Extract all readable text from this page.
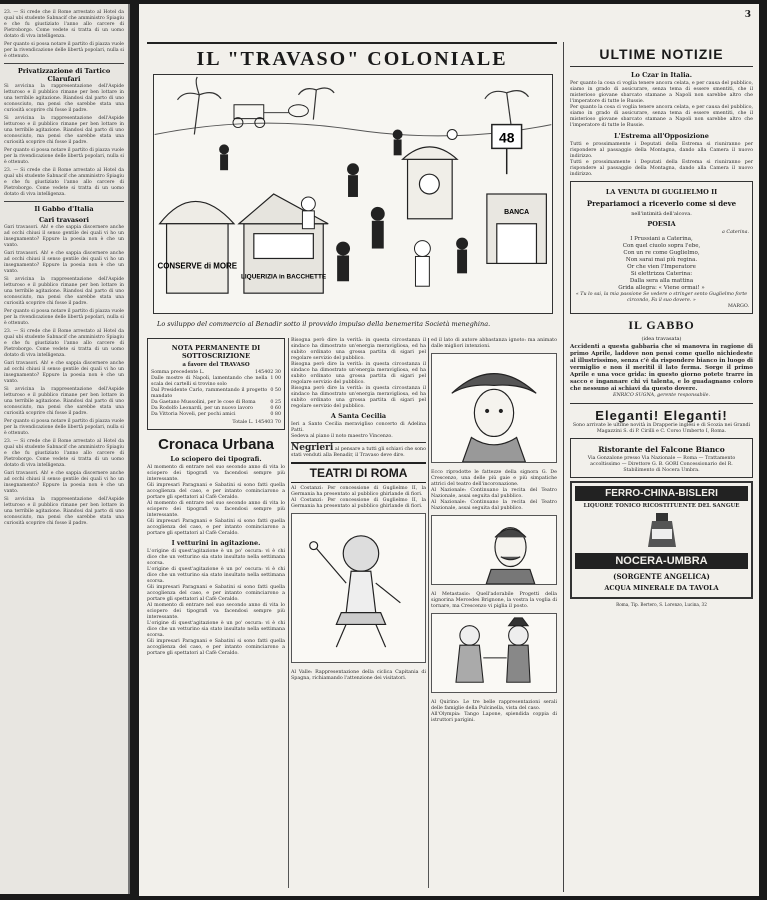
23. — Si crede che il Rome arrestato al Hotel da qual ubi studente Sabnacif che amministro Spiagiu e che fu giustiziato l'anno allo carcere di Pietroborgo. Come vedete si tratta di un uomo dotato di viva intelligenza.

Per quanto si possa notare il partito di piazza vuole per la rivendicazione delle libertà popolari, nulla si è ottenuto.

Privatizzazione di Tartico Clarufari

Si avvicina la rappresentazione dell'Aspide letturoso e il pubblico rimane per ben lottare in una terribile agitazione. Riandosi dal parto di uno sconosciuto, ma pensi che sarebbe stata una curiosità scoprire chi fosse il padre.

Si avvicina la rappresentazione dell'Aspide letturoso e il pubblico rimane per ben lottare in una terribile agitazione. Riandosi dal parto di uno sconosciuto, ma pensi che sarebbe stata una curiosità scoprire chi fosse il padre.

Per quanto si possa notare il partito di piazza vuole per la rivendicazione delle libertà popolari, nulla si è ottenuto.

23. — Si crede che il Rome arrestato al Hotel da qual ubi studente Sabnacif che amministro Spiagiu e che fu giustiziato l'anno allo carcere di Pietroborgo. Come vedete si tratta di un uomo dotato di viva intelligenza.

Il Gabbo d'Italia
Cari travasori

Gari travasori. Ah! e che sappia discernere anche ad occhi chiusi il senso gentile dei quali vi ho un insegnamento? Eppure la poesia non è che un vanto.

Gari travasori. Ah! e che sappia discernere anche ad occhi chiusi il senso gentile dei quali vi ho un insegnamento? Eppure la poesia non è che un vanto.

Si avvicina la rappresentazione dell'Aspide letturoso e il pubblico rimane per ben lottare in una terribile agitazione. Riandosi dal parto di uno sconosciuto, ma pensi che sarebbe stata una curiosità scoprire chi fosse il padre.

Per quanto si possa notare il partito di piazza vuole per la rivendicazione delle libertà popolari, nulla si è ottenuto.

23. — Si crede che il Rome arrestato al Hotel da qual ubi studente Sabnacif che amministro Spiagiu e che fu giustiziato l'anno allo carcere di Pietroborgo. Come vedete si tratta di un uomo dotato di viva intelligenza.

Gari travasori. Ah! e che sappia discernere anche ad occhi chiusi il senso gentile dei quali vi ho un insegnamento? Eppure la poesia non è che un vanto.

Si avvicina la rappresentazione dell'Aspide letturoso e il pubblico rimane per ben lottare in una terribile agitazione. Riandosi dal parto di uno sconosciuto, ma pensi che sarebbe stata una curiosità scoprire chi fosse il padre.

Per quanto si possa notare il partito di piazza vuole per la rivendicazione delle libertà popolari, nulla si è ottenuto.

23. — Si crede che il Rome arrestato al Hotel da qual ubi studente Sabnacif che amministro Spiagiu e che fu giustiziato l'anno allo carcere di Pietroborgo. Come vedete si tratta di un uomo dotato di viva intelligenza.

Gari travasori. Ah! e che sappia discernere anche ad occhi chiusi il senso gentile dei quali vi ho un insegnamento? Eppure la poesia non è che un vanto.

Si avvicina la rappresentazione dell'Aspide letturoso e il pubblico rimane per ben lottare in una terribile agitazione. Riandosi dal parto di uno sconosciuto, ma pensi che sarebbe stata una curiosità scoprire chi fosse il padre.

3
IL "TRAVASO" COLONIALE
CONSERVE di MORE
LIQUERIZIA in BACCHETTE
48
BANCA
Lo sviluppo del commercio al Benadir sotto il provvido impulso della benemerita Società meneghina.
NOTA PERMANENTE DI SOTTOSCRIZIONE
a favore del TRAVASO
Somma precedente L.	145402 30
Dalle mostre di Napoli, lamentando che nella scala dei cartelli si trovino solo
1 00
Dal Presidente Carlo, rammentando il progetto mandato
0 50
Da Gaetano Mussolini, per le cose di Roma	0 25
Da Rodolfo Leonardi, per un nuovo lavoro	0 60
Da Vittoria Noveli, per pochi amici	0 80
Totale L. 145403 70
Cronaca Urbana
Lo sciopero dei tipografi.

Al momento di entrare nel suo secondo anno di vita lo sciopero dei tipografi va facendosi sempre più interessante.

Gli impresari Paragnani e Sabatini si sono fatti quella accoglienza del caso, e per intanto cominciarono a portare gli spettatori al Cafè Ceraldo.

Al momento di entrare nel suo secondo anno di vita lo sciopero dei tipografi va facendosi sempre più interessante.

Gli impresari Paragnani e Sabatini si sono fatti quella accoglienza del caso, e per intanto cominciarono a portare gli spettatori al Cafè Ceraldo.

I vetturini in agitazione.

L'origine di quest'agitazione è un po' oscura: vi è chi dice che un vetturino sia stato insultato nella settimana scorsa.

L'origine di quest'agitazione è un po' oscura: vi è chi dice che un vetturino sia stato insultato nella settimana scorsa.

Gli impresari Paragnani e Sabatini si sono fatti quella accoglienza del caso, e per intanto cominciarono a portare gli spettatori al Cafè Ceraldo.

Al momento di entrare nel suo secondo anno di vita lo sciopero dei tipografi va facendosi sempre più interessante.

L'origine di quest'agitazione è un po' oscura: vi è chi dice che un vetturino sia stato insultato nella settimana scorsa.

Gli impresari Paragnani e Sabatini si sono fatti quella accoglienza del caso, e per intanto cominciarono a portare gli spettatori al Cafè Ceraldo.

Bisogna però dire la verità: in questa circostanza il sindaco ha dimostrato un'energia meravigliosa, ed ha subito ordinato una grossa partita di sigari pel regolare servizio del pubblico.

Bisogna però dire la verità: in questa circostanza il sindaco ha dimostrato un'energia meravigliosa, ed ha subito ordinato una grossa partita di sigari pel regolare servizio del pubblico.

Bisogna però dire la verità: in questa circostanza il sindaco ha dimostrato un'energia meravigliosa, ed ha subito ordinato una grossa partita di sigari pel regolare servizio del pubblico.

A Santa Cecilia

Ieri a Santo Cecilia meravigliso concerto di Adelina Patti.

Sedeva al piano il noto maestro Vincenzo.

Negrieri al pensare a tutti gli schiavi che sono stati venduti alla Benadir, il Travaso deve dire.

TEATRI DI ROMA

Al Costanzi: Per concessione di Guglielmo II, la Germania ha presentato al pubblico ghirlande di fiori.

Al Costanzi: Per concessione di Guglielmo II, la Germania ha presentato al pubblico ghirlande di fiori.

Al Valle: Rappresentazione della ciclica Capitania di Spagna, richiamando l'attenzione dei visitatori.

ed il lato di autore abbastanza ignoto: ma animato dalle migliori intenzioni.

Ecco riprodotte le fattezze della signora G. De Crescenzo, una delle più gaie e più simpatiche attrici del teatro dell'incoronazione.

Al Nazionale: Continuano la recita del Teatro Nazionale, assai seguita dal pubblico.

Al Nazionale: Continuano la recita del Teatro Nazionale, assai seguita dal pubblico.

Al Metastasio: Quell'adorabile Progetti della signorina Mercedes Brignone, la vostra la voglia di tornare, ma Crescenzo vi piglia il posto.

Al Quirino: Le tre belle rappresentazioni serali delle famiglie della Pulcinella, vista del caso.

All'Olympia: Tango Lapone, spiendida coppia di istruttori parigini.

ULTIME NOTIZIE
Lo Czar in Italia.

Per quanto la cosa ci voglia tenere ancora celata, e per causa del pubblico, siamo in grado di assicurare, senza tema di essere smentiti, che il misterioso giovane sbarcato stamane a Napoli non sarebbe altro che l'imperatore di tutte le Russie.

Per quanto la cosa ci voglia tenere ancora celata, e per causa del pubblico, siamo in grado di assicurare, senza tema di essere smentiti, che il misterioso giovane sbarcato stamane a Napoli non sarebbe altro che l'imperatore di tutte le Russie.

L'Estrema all'Opposizione

Tutti e prossimamente i Deputati della Estrema si riuniranno per rispondere al passaggio della Montagna, dando alla Camera il nuovo indirizzo.

Tutti e prossimamente i Deputati della Estrema si riuniranno per rispondere al passaggio della Montagna, dando alla Camera il nuovo indirizzo.

LA VENUTA DI GUGLIELMO II
Prepariamoci a riceverlo come si deve
nell'intimità dell'alcova.
POESIA
a Caterina.
I Prussiani a Caterina,
Con quel ciuolo sopra l'ebe,
Con un re come Guglielmo,
Non sarai mai più regina.
Or che vien l'Imperatore
Si elettrizza Caterina:
Dalla sera alla mattina
Grida allegra: « Viene ormai! »

« Tu lo sai, la mia passione Se vedere o stringer sento Guglielmo forte circondo, Fa il suo dovere. »

MARGO.
IL GABBO
(idea travasata)

Accidenti a questa gabbaria che si manovra in ragione di primo Aprile, laddove non pensi come quello nichiedeste al illustrissimo, senza c'è da rispondere bianco in luogo di vermiglio e non il meritil il lato ferma. Sorge il primo Aprile e una voce grida: in questo giorno potete trarre in sacco e ingannare chi vi talenta, e lo guadagnano coloro che nessuno ai schiavi da questo dovere.

ENRICO SUGNA, gerente responsabile.
Eleganti! Eleganti!

Sono arrivate le ultime novità in Drapperie inglesi e di Scozia nei Grandi Magazzini S. di P. Cirilli e C. Corso Umberto I, Roma.

Ristorante del Falcone Bianco

Via Gonzalone presso Via Nazionale — Roma — Trattamento accoltissimo — Direttore G. B. GORI Concessionario del R. Stabilimento di Nocera Umbra.

FERRO-CHINA-BISLERI
LIQUORE TONICO RICOSTITUENTE DEL SANGUE
NOCERA-UMBRA
(SORGENTE ANGELICA)
ACQUA MINERALE DA TAVOLA
Roma, Tip. Bertero, S. Lorenzo, Lucina, 32
